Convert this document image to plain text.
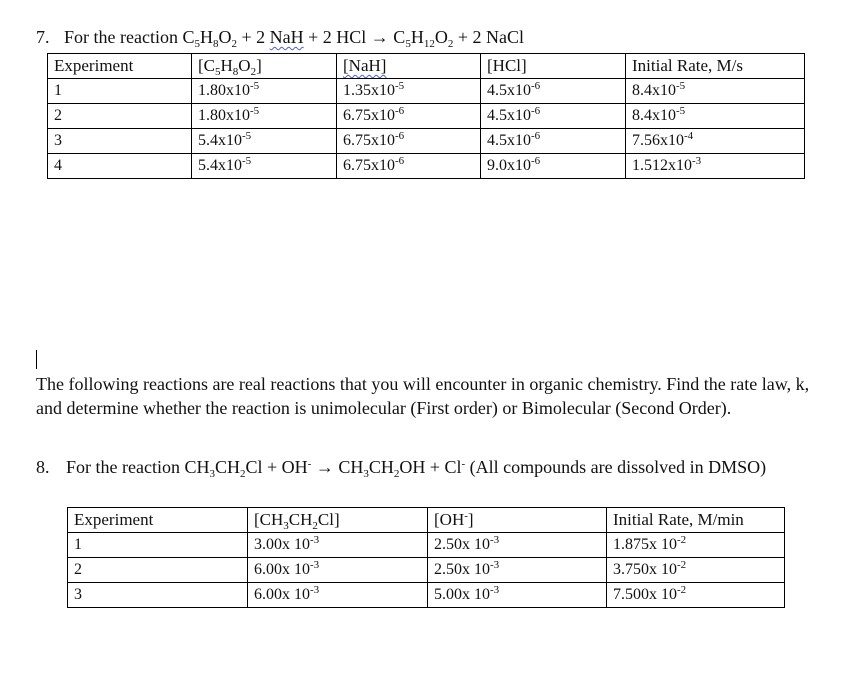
7. For the reaction $C_5H_8O_2 + 2$ NaH + 2 HCl → $C_5H_{12}O_2 + 2$ NaCl
Experiment	$[C_5H_8O_2]$	[NaH]	[HCl]	Initial Rate, M/s
1	$1.80x10^{-5}$	$1.35x10^{-5}$	$4.5x10^{-6}$	$8.4x10^{-5}$
2	$1.80x10^{-5}$	$6.75x10^{-6}$	$4.5x10^{-6}$	$8.4x10^{-5}$
3	$5.4x10^{-5}$	$6.75x10^{-6}$	$4.5x10^{-6}$	$7.56x10^{-4}$
4	$5.4x10^{-5}$	$6.75x10^{-6}$	$9.0x10^{-6}$	$1.512x10^{-3}$
The following reactions are real reactions that you will encounter in organic chemistry. Find the rate law, k, and determine whether the reaction is unimolecular (First order) or Bimolecular (Second Order).
8. For the reaction $CH_3CH_2Cl + OH^- \to CH_3CH_2OH + Cl^-$ (All compounds are dissolved in DMSO)
Experiment	$[CH_3CH_2Cl]$	[OH-]	Initial Rate, M/min
1	3.00x $10^{-3}$	2.50x $10^{-3}$	1.875x $10^{-2}$
2	6.00x $10^{-3}$	2.50x $10^{-3}$	3.750x $10^{-2}$
3	6.00x $10^{-3}$	5.00x $10^{-3}$	7.500x $10^{-2}$
